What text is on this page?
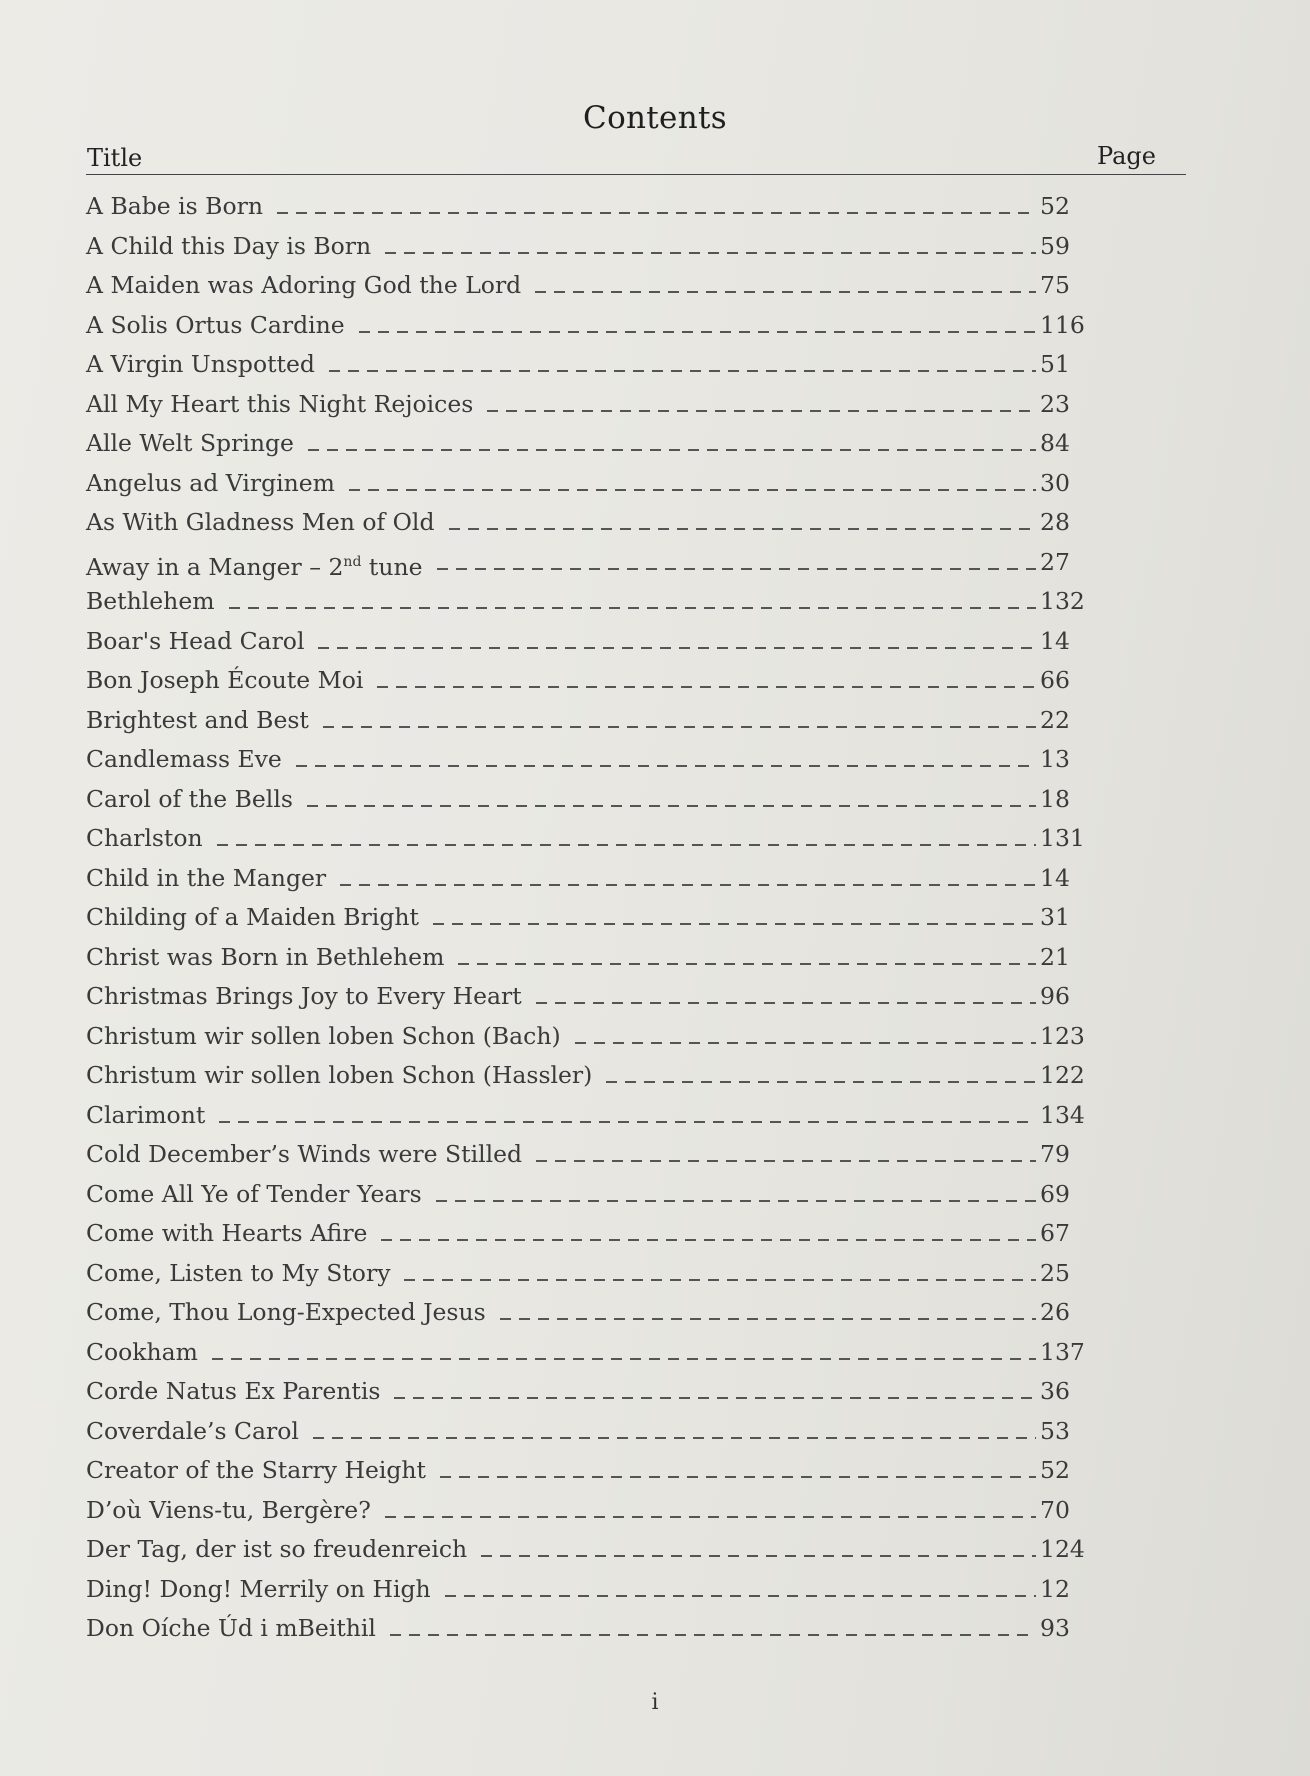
Contents
Title	Page
A Babe is Born	52
A Child this Day is Born	59
A Maiden was Adoring God the Lord	75
A Solis Ortus Cardine	116
A Virgin Unspotted	51
All My Heart this Night Rejoices	23
Alle Welt Springe	84
Angelus ad Virginem	30
As With Gladness Men of Old	28
Away in a Manger – 2nd tune	27
Bethlehem	132
Boar's Head Carol	14
Bon Joseph Écoute Moi	66
Brightest and Best	22
Candlemass Eve	13
Carol of the Bells	18
Charlston	131
Child in the Manger	14
Childing of a Maiden Bright	31
Christ was Born in Bethlehem	21
Christmas Brings Joy to Every Heart	96
Christum wir sollen loben Schon (Bach)	123
Christum wir sollen loben Schon (Hassler)	122
Clarimont	134
Cold December’s Winds were Stilled	79
Come All Ye of Tender Years	69
Come with Hearts Afire	67
Come, Listen to My Story	25
Come, Thou Long-Expected Jesus	26
Cookham	137
Corde Natus Ex Parentis	36
Coverdale’s Carol	53
Creator of the Starry Height	52
D’où Viens-tu, Bergère?	70
Der Tag, der ist so freudenreich	124
Ding! Dong! Merrily on High	12
Don Oíche Úd i mBeithil	93
i
